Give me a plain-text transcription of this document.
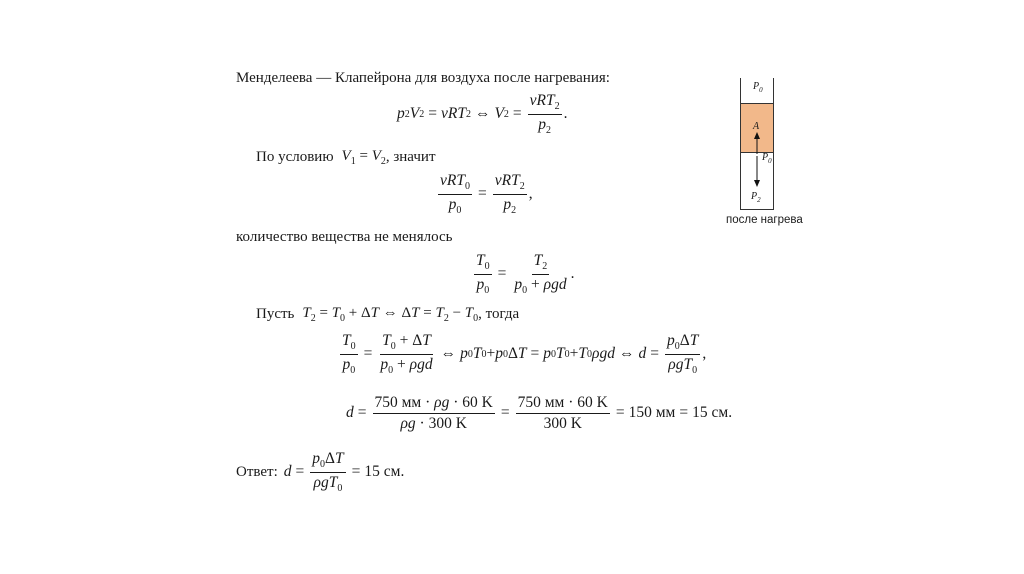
Менделеева — Клапейрона для воздуха после нагревания:
p 2 V 2 = νRT 2 ⇔ V $2 = \frac{\nu RT_2}{p_2}$ .
По условию $V_1 = V_2$ , значит
$\frac{\nu RT_0}{p_0} = \frac{\nu RT_2}{p_2}$ ,
количество вещества не менялось
$\frac{T_0}{p_0} = \frac{T_2}{p_0 + \rho gd}$ .
Пусть $T_2 = T_0 + \Delta T$ ⇔ $\Delta T = T_2 - T_0$ , тогда
$\frac{T_0}{p_0} = \frac{T_0 + \Delta T}{p_0 + \rho gd}$ ⇔ p 0 T 0 + p 0 Δ T = p 0 T 0 + T 0 ρgd ⇔ $d = \frac{p_0\Delta T}{\rho gT_0}$ ,
$d = \frac{750 мм \cdot \rho g \cdot 60 K}{\rho g \cdot 300 K} = \frac{750 мм \cdot 60 K}{300 K} = 150$
мм = 15
см .
Ответ: $d = \frac{p_0\Delta T}{\rho gT_0} = 15$
см .
$P_0$
A
$P_0$
$P_2$
после нагрева
